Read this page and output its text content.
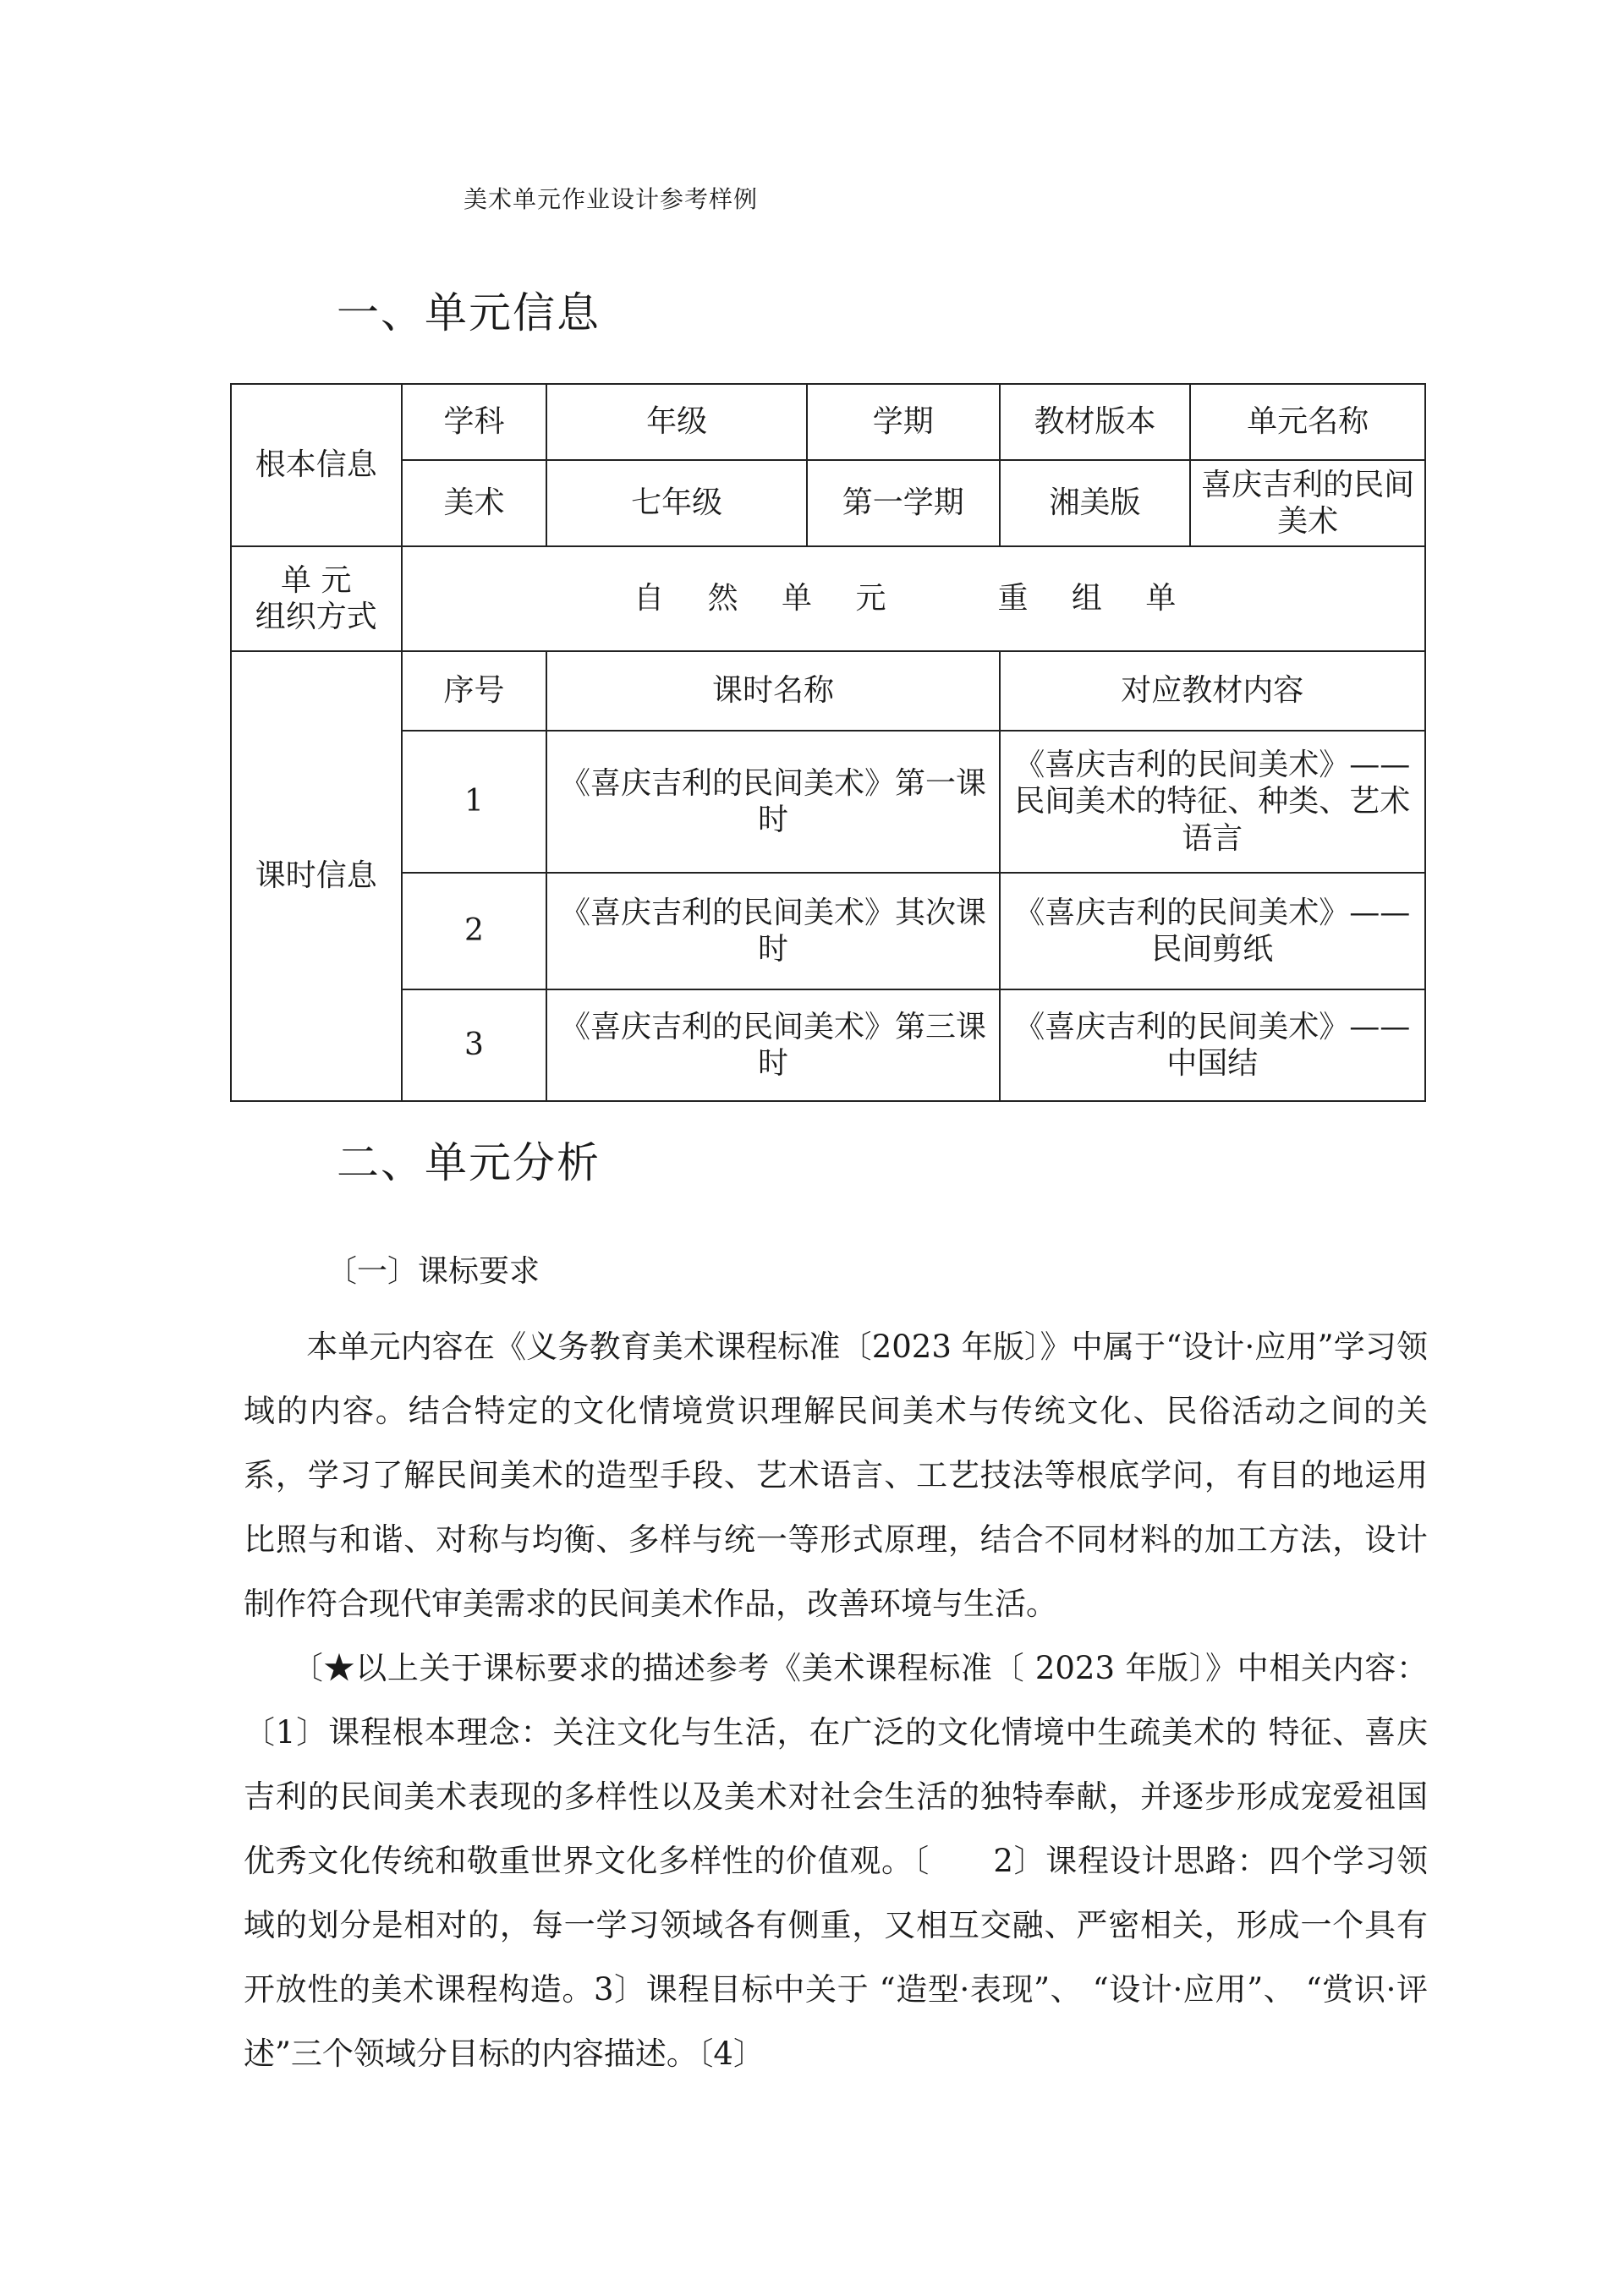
美术单元作业设计参考样例
一、单元信息
根本信息	学科	年级	学期	教材版本	单元名称
	美术	七年级	第一学期	湘美版	喜庆吉利的民间美术
单 元
组织方式	自 然 单 元　　重 组 单				
课时信息	序号	课时名称		对应教材内容	
	1	《喜庆吉利的民间美术》第一课时		《喜庆吉利的民间美术》——民间美术的特征、种类、艺术语言	
	2	《喜庆吉利的民间美术》其次课时		《喜庆吉利的民间美术》——民间剪纸	
	3	《喜庆吉利的民间美术》第三课时		《喜庆吉利的民间美术》——中国结	
二、单元分析
〔一〕课标要求
　　本单元内容在《义务教育美术课程标准〔2023 年版〕》中属于“设计·应用”学习领域的内容。结合特定的文化情境赏识理解民间美术与传统文化、民俗活动之间的关系，学习了解民间美术的造型手段、艺术语言、工艺技法等根底学问，有目的地运用比照与和谐、对称与均衡、多样与统一等形式原理，结合不同材料的加工方法，设计制作符合现代审美需求的民间美术作品，改善环境与生活。
　　〔★以上关于课标要求的描述参考《美术课程标准〔 2023 年版〕》中相关内容：〔1〕课程根本理念：关注文化与生活，在广泛的文化情境中生疏美术的 特征、喜庆吉利的民间美术表现的多样性以及美术对社会生活的独特奉献，并逐步形成宠爱祖国优秀文化传统和敬重世界文化多样性的价值观。〔　　2〕课程设计思路：四个学习领域的划分是相对的，每一学习领域各有侧重，又相互交融、严密相关，形成一个具有开放性的美术课程构造。3〕课程目标中关于 “造型·表现”、 “设计·应用”、 “赏识·评述”三个领域分目标的内容描述。〔4〕
